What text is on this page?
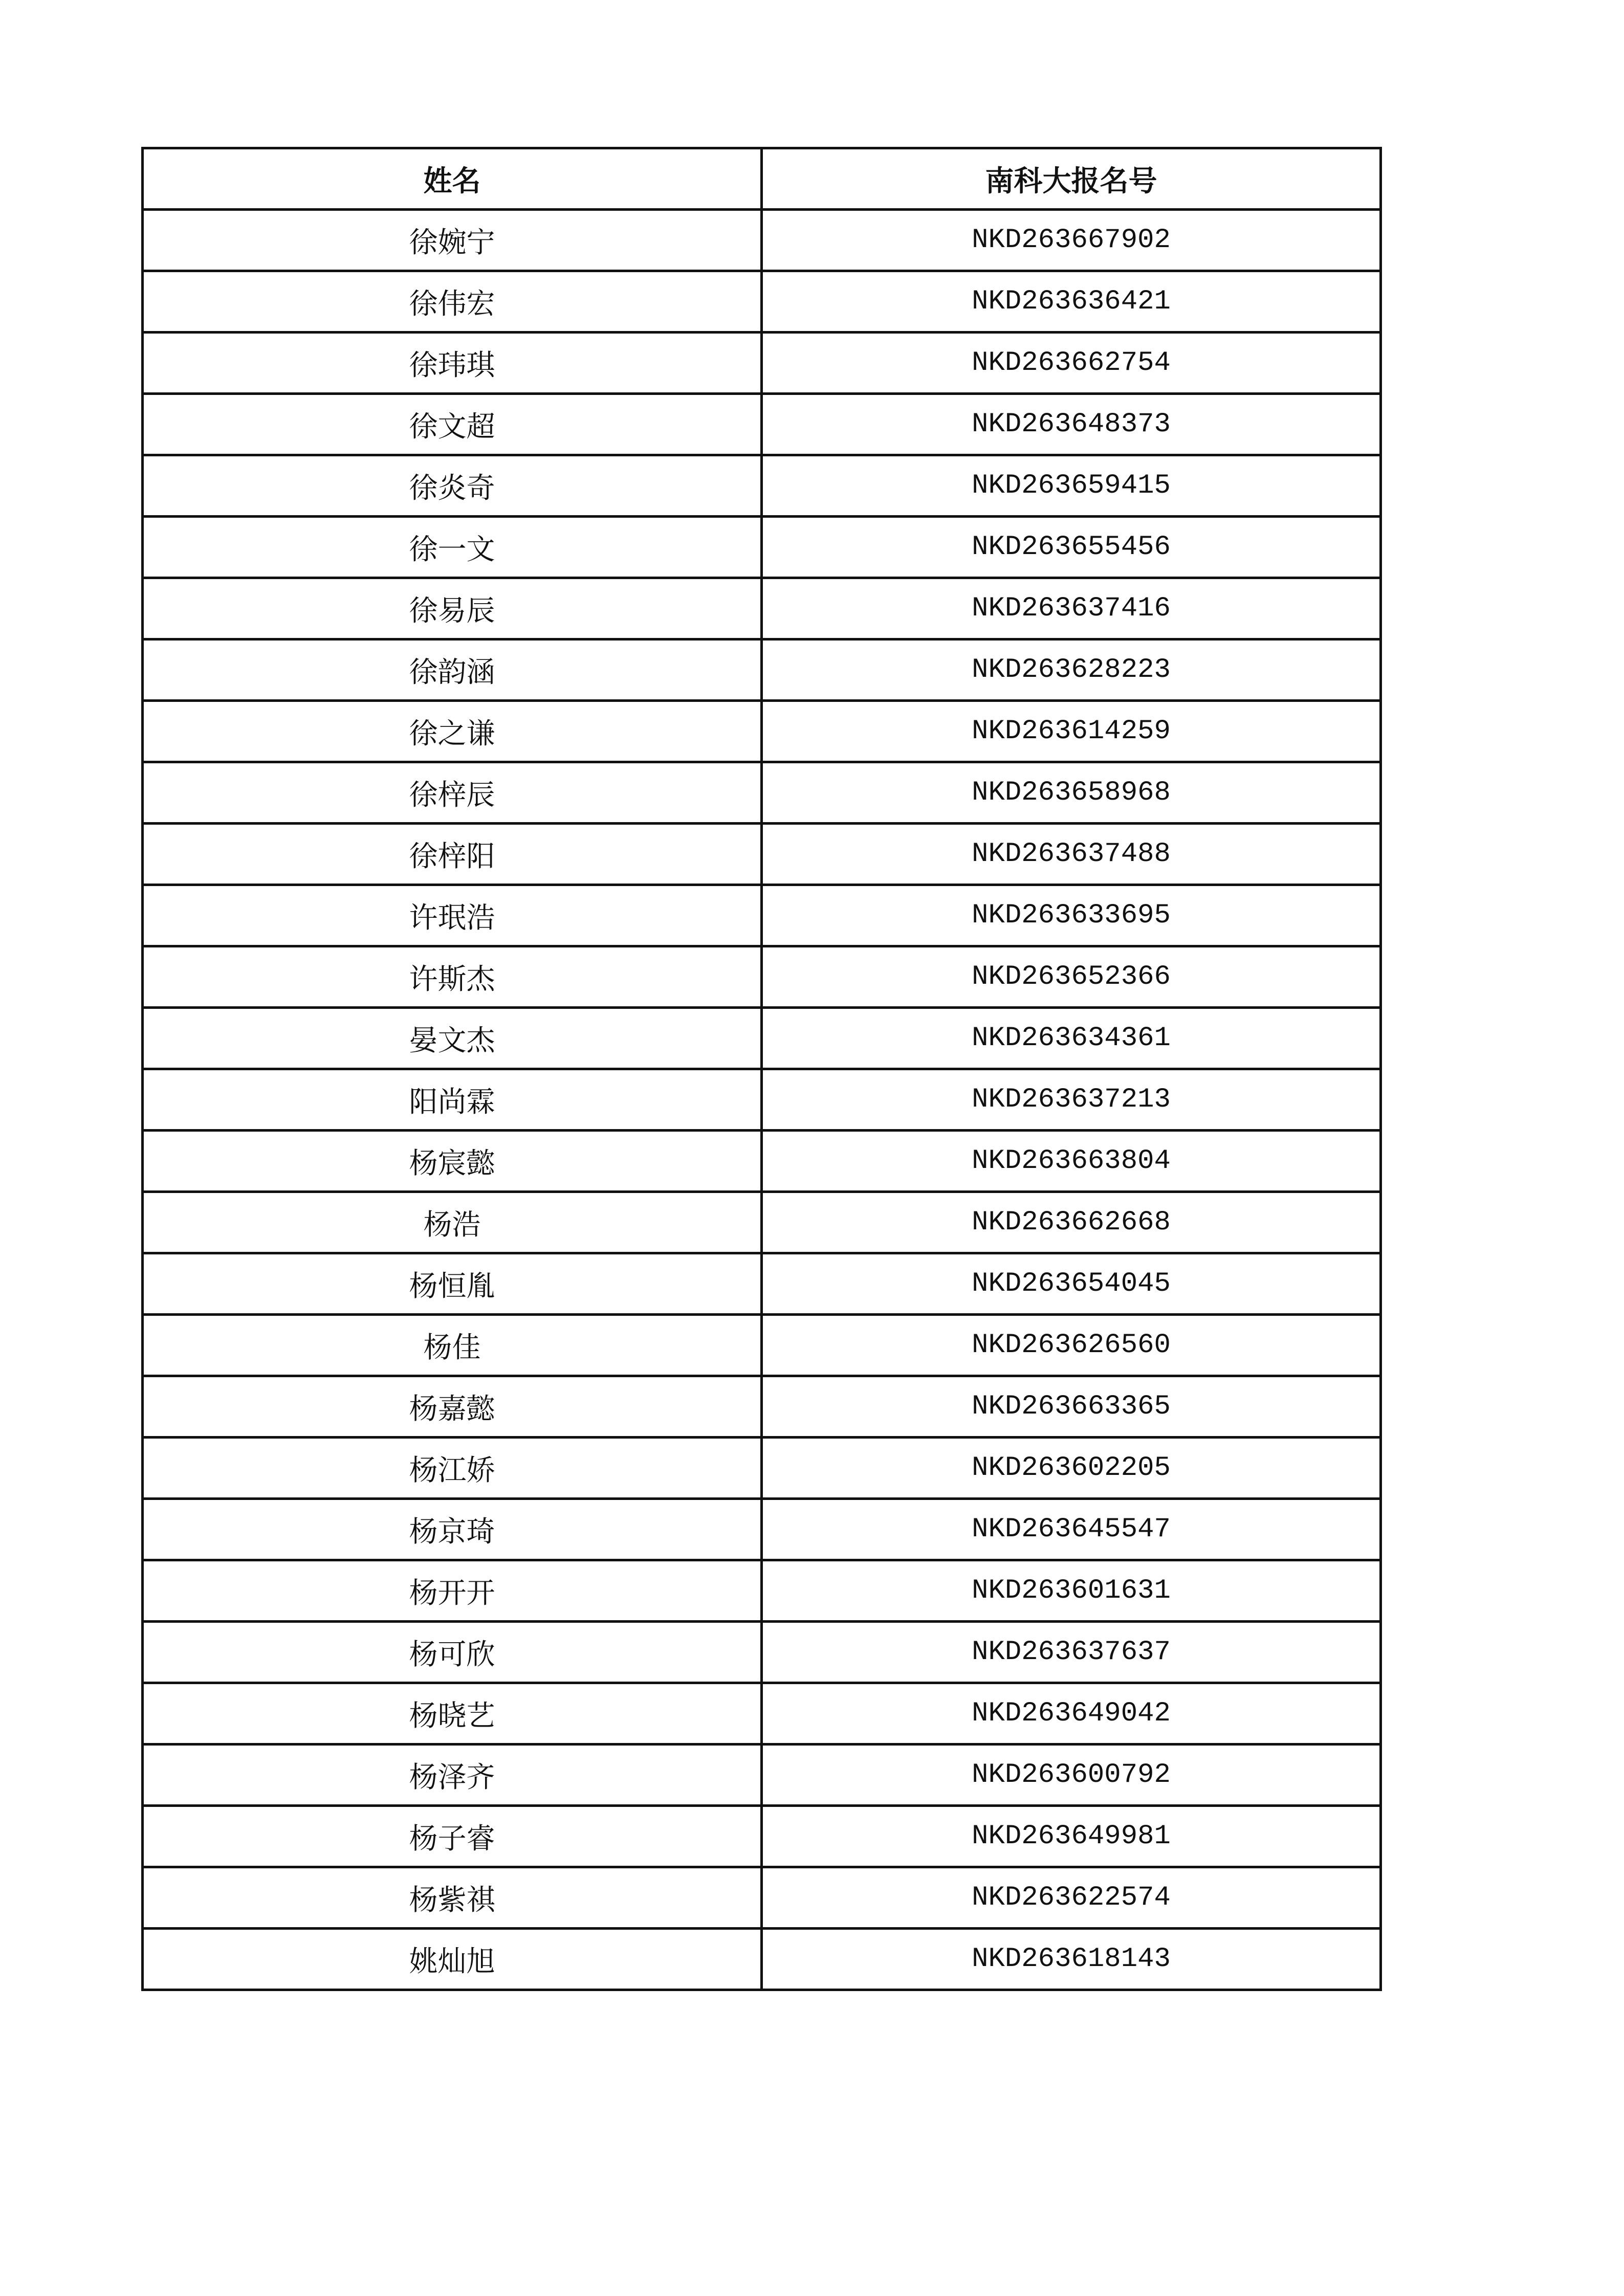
姓名	南科大报名号
徐婉宁	NKD263667902
徐伟宏	NKD263636421
徐玮琪	NKD263662754
徐文超	NKD263648373
徐炎奇	NKD263659415
徐一文	NKD263655456
徐易辰	NKD263637416
徐韵涵	NKD263628223
徐之谦	NKD263614259
徐梓辰	NKD263658968
徐梓阳	NKD263637488
许珉浩	NKD263633695
许斯杰	NKD263652366
晏文杰	NKD263634361
阳尚霖	NKD263637213
杨宸懿	NKD263663804
杨浩	NKD263662668
杨恒胤	NKD263654045
杨佳	NKD263626560
杨嘉懿	NKD263663365
杨江娇	NKD263602205
杨京琦	NKD263645547
杨开开	NKD263601631
杨可欣	NKD263637637
杨晓艺	NKD263649042
杨泽齐	NKD263600792
杨子睿	NKD263649981
杨紫祺	NKD263622574
姚灿旭	NKD263618143
